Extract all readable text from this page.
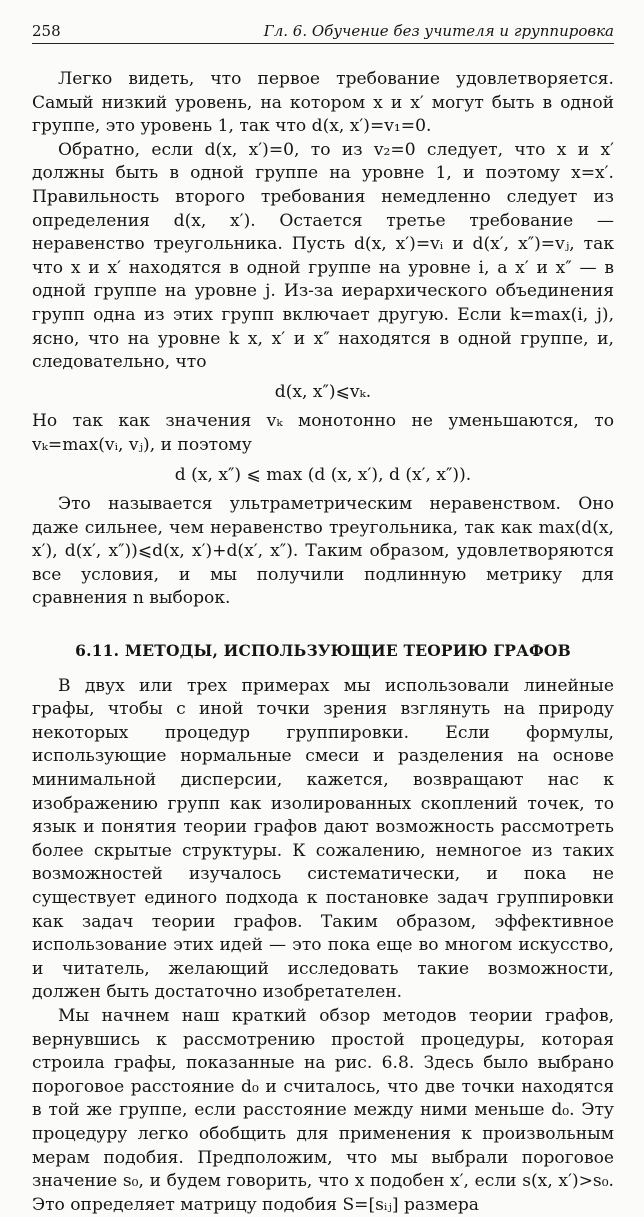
258	Гл. 6. Обучение без учителя и группировка

Легко видеть, что первое требование удовлетворяется. Самый низкий уровень, на котором x и x′ могут быть в одной группе, это уровень 1, так что d(x, x′)=v₁=0.

Обратно, если d(x, x′)=0, то из v₂=0 следует, что x и x′ должны быть в одной группе на уровне 1, и поэтому x=x′. Правильность второго требования немедленно следует из определения d(x, x′). Остается третье требование — неравенство треугольника. Пусть d(x, x′)=vᵢ и d(x′, x″)=vⱼ, так что x и x′ находятся в одной группе на уровне i, а x′ и x″ — в одной группе на уровне j. Из-за иерархического объединения групп одна из этих групп включает другую. Если k=max(i, j), ясно, что на уровне k x, x′ и x″ находятся в одной группе, и, следовательно, что

d(x, x″)⩽vₖ.

Но так как значения vₖ монотонно не уменьшаются, то vₖ=max(vᵢ, vⱼ), и поэтому

d (x, x″) ⩽ max (d (x, x′), d (x′, x″)).

Это называется ультраметрическим неравенством. Оно даже сильнее, чем неравенство треугольника, так как max(d(x, x′), d(x′, x″))⩽d(x, x′)+d(x′, x″). Таким образом, удовлетворяются все условия, и мы получили подлинную метрику для сравнения n выборок.

6.11. МЕТОДЫ, ИСПОЛЬЗУЮЩИЕ ТЕОРИЮ ГРАФОВ

В двух или трех примерах мы использовали линейные графы, чтобы с иной точки зрения взглянуть на природу некоторых процедур группировки. Если формулы, использующие нормальные смеси и разделения на основе минимальной дисперсии, кажется, возвращают нас к изображению групп как изолированных скоплений точек, то язык и понятия теории графов дают возможность рассмотреть более скрытые структуры. К сожалению, немногое из таких возможностей изучалось систематически, и пока не существует единого подхода к постановке задач группировки как задач теории графов. Таким образом, эффективное использование этих идей — это пока еще во многом искусство, и читатель, желающий исследовать такие возможности, должен быть достаточно изобретателен.

Мы начнем наш краткий обзор методов теории графов, вернувшись к рассмотрению простой процедуры, которая строила графы, показанные на рис. 6.8. Здесь было выбрано пороговое расстояние d₀ и считалось, что две точки находятся в той же группе, если расстояние между ними меньше d₀. Эту процедуру легко обобщить для применения к произвольным мерам подобия. Предположим, что мы выбрали пороговое значение s₀, и будем говорить, что x подобен x′, если s(x, x′)>s₀. Это определяет матрицу подобия S=[sᵢⱼ] размера
